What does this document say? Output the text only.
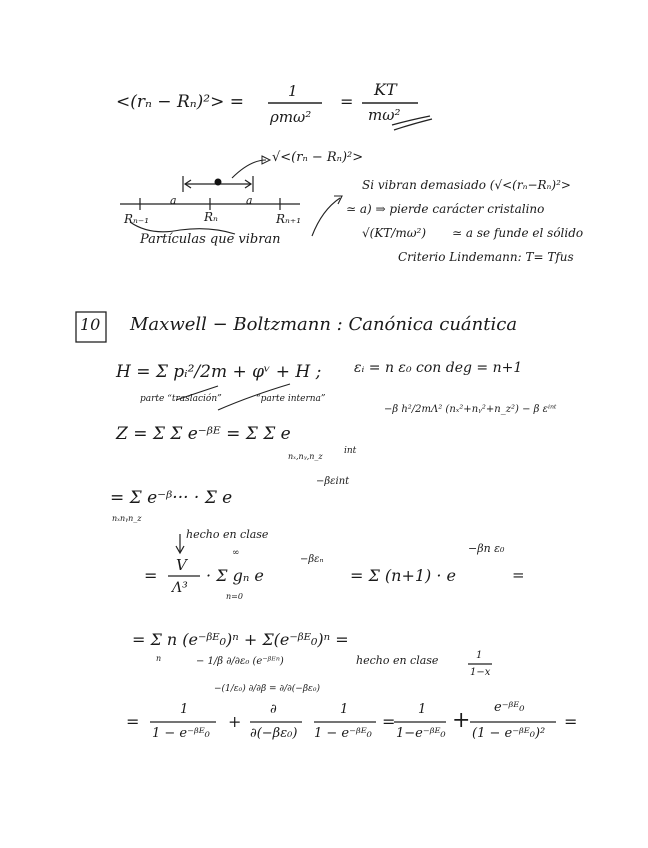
<(rₙ − Rₙ)²> =
1
ρmω²
=
KT
mω²
√<(rₙ − Rₙ)²>
Rₙ₋₁
a
Rₙ
a
Rₙ₊₁
Partículas que vibran
Si vibran demasiado (√<(rₙ−Rₙ)²>
≃ a) ⇒ pierde carácter cristalino
√(KT/mω²) ≃ a se funde el sólido
Criterio Lindemann: T= Tfus
10 Maxwell − Boltzmann : Canónica cuántica
H = Σ pᵢ²/2m + φᵛ + H ; εᵢ = n ε₀ con deg = n+1
parte “traslación”	“parte interna”
Z = Σ Σ e⁻ᵝᴱ = Σ Σ e
−β h²/2mΛ² (nₓ²+nᵧ²+n_z²) − β εⁱⁿᵗ
nₓ,nᵧ,n_z
int
= Σ e⁻ᵝ··· · Σ e
−βεint
nₓnᵧn_z
hecho en clase
=
V
Λ³
· Σ gₙ e
∞
n=0
−βεₙ
= Σ (n+1) · e
−βn ε₀
=
= Σ n (e⁻ᵝᴱ₀)ⁿ + Σ(e⁻ᵝᴱ₀)ⁿ =
n	− 1/β ∂/∂ε₀ (e⁻ᵝᴱⁿ)
−(1/ε₀) ∂/∂β = ∂/∂(−βε₀)
hecho en clase	1
1−x
=
1
1 − e⁻ᵝᴱ₀
+
∂
∂(−βε₀)
1
1 − e⁻ᵝᴱ₀
=
1
1−e⁻ᵝᴱ₀
+
e⁻ᵝᴱ₀
(1 − e⁻ᵝᴱ₀)²
=
